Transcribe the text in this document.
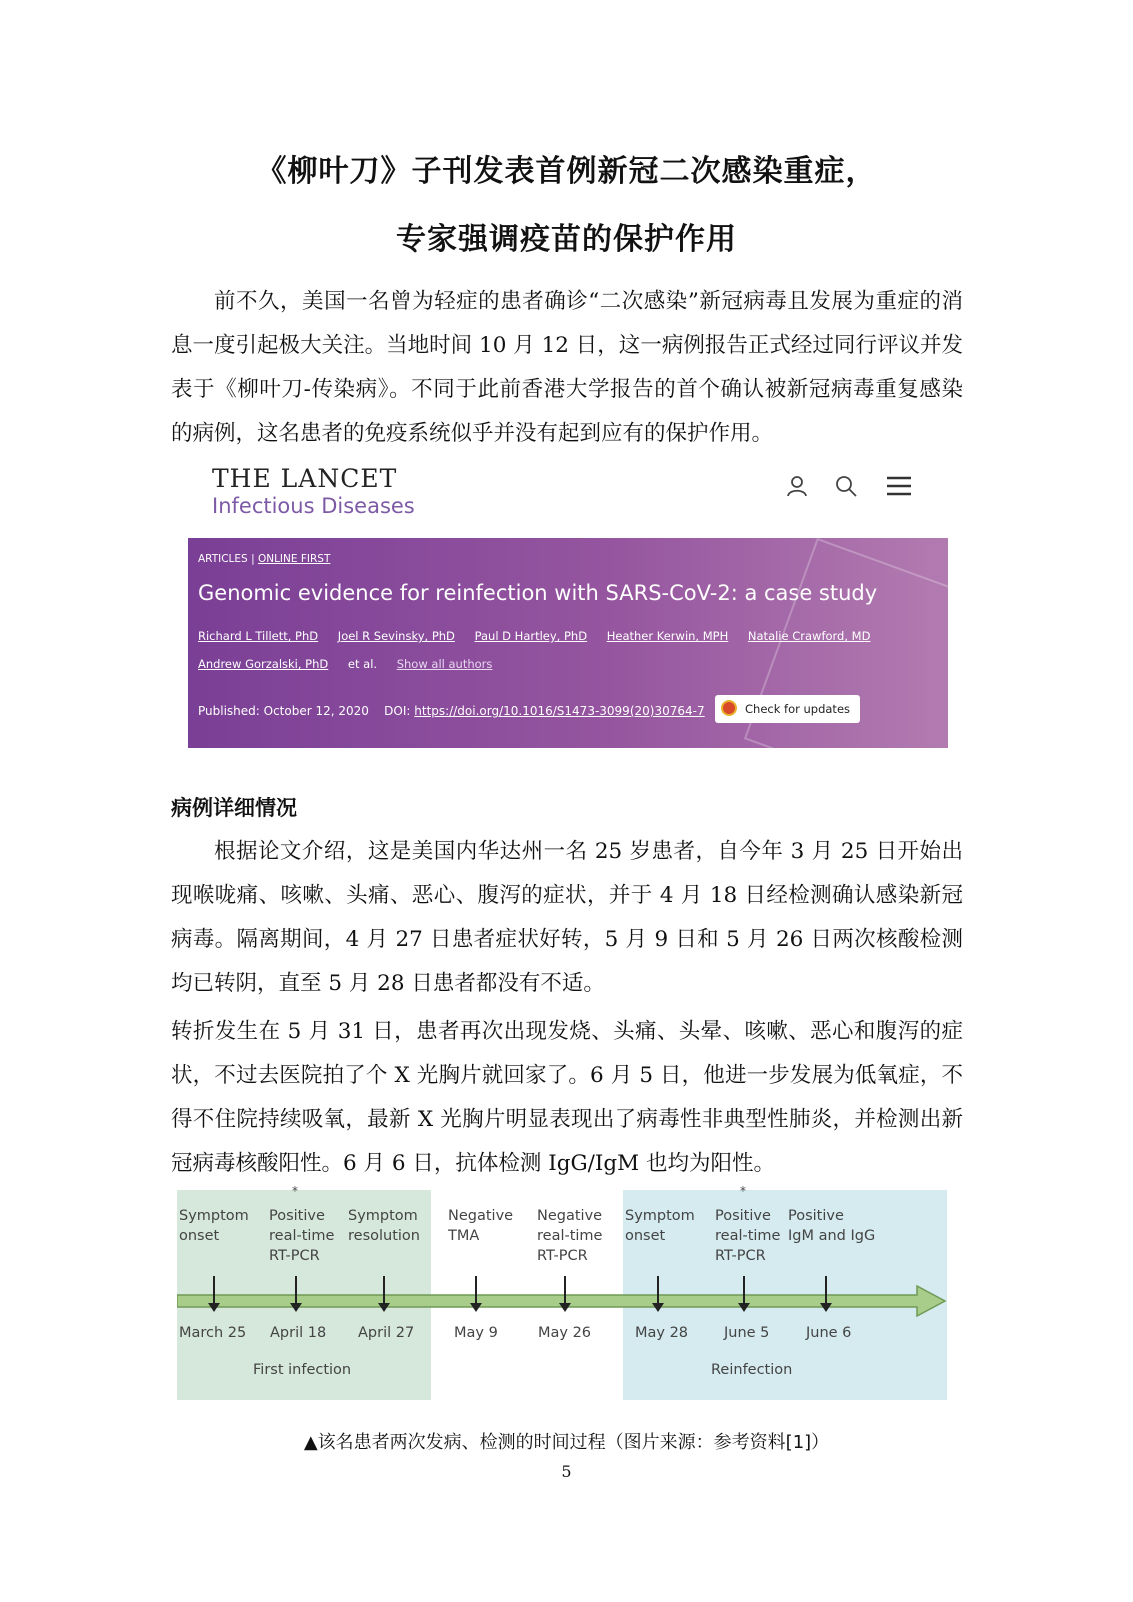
《柳叶刀》子刊发表首例新冠二次感染重症，
专家强调疫苗的保护作用
前不久，美国一名曾为轻症的患者确诊“二次感染”新冠病毒且发展为重症的消息一度引起极大关注。当地时间 10 月 12 日，这一病例报告正式经过同行评议并发表于《柳叶刀-传染病》。不同于此前香港大学报告的首个确认被新冠病毒重复感染的病例，这名患者的免疫系统似乎并没有起到应有的保护作用。
THE LANCET
Infectious Diseases
ARTICLES | ONLINE FIRST
Genomic evidence for reinfection with SARS-CoV-2: a case study
Richard L Tillett, PhD Joel R Sevinsky, PhD Paul D Hartley, PhD Heather Kerwin, MPH Natalie Crawford, MD
Andrew Gorzalski, PhD et al. Show all authors
Published: October 12, 2020 DOI: https://doi.org/10.1016/S1473-3099(20)30764-7	Check for updates
病例详细情况
根据论文介绍，这是美国内华达州一名 25 岁患者，自今年 3 月 25 日开始出现喉咙痛、咳嗽、头痛、恶心、腹泻的症状，并于 4 月 18 日经检测确认感染新冠病毒。隔离期间，4 月 27 日患者症状好转，5 月 9 日和 5 月 26 日两次核酸检测均已转阴，直至 5 月 28 日患者都没有不适。
转折发生在 5 月 31 日，患者再次出现发烧、头痛、头晕、咳嗽、恶心和腹泻的症状，不过去医院拍了个 X 光胸片就回家了。6 月 5 日，他进一步发展为低氧症，不得不住院持续吸氧，最新 X 光胸片明显表现出了病毒性非典型性肺炎，并检测出新冠病毒核酸阳性。6 月 6 日，抗体检测 IgG/IgM 也均为阳性。
Symptom
onset
March 25
Positive
real-time
RT-PCR
*
April 18
Symptom
resolution
April 27
Negative
TMA
May 9
Negative
real-time
RT-PCR
May 26
Symptom
onset
May 28
Positive
real-time
RT-PCR
*
June 5
Positive
IgM and IgG
June 6
First infection	Reinfection
▲该名患者两次发病、检测的时间过程（图片来源：参考资料[1]）
5
